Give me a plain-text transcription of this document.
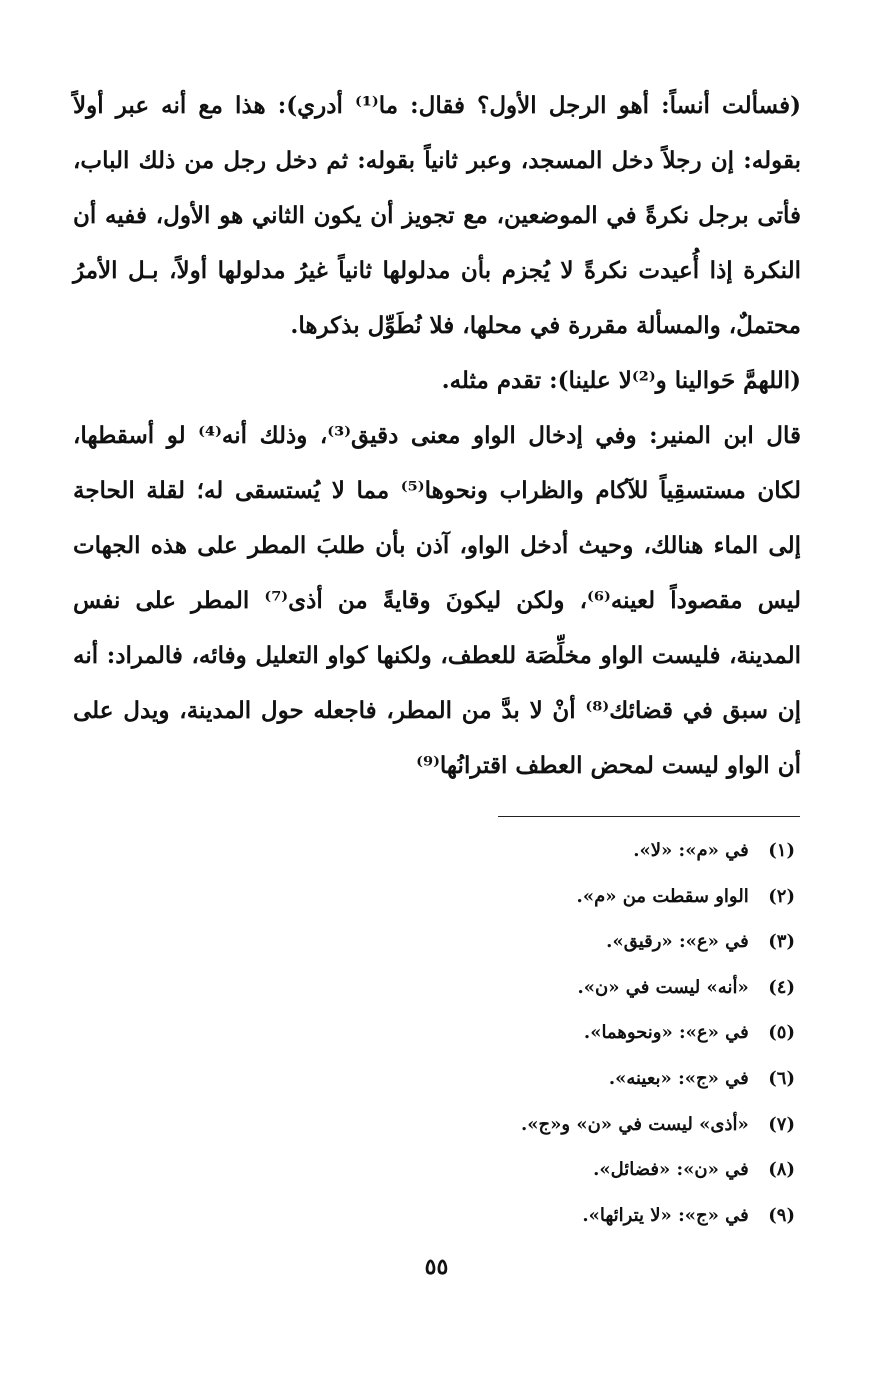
(فسألت أنساً: أهو الرجل الأول؟ فقال: ما⁽¹⁾ أدري): هذا مع أنه عبر أولاً بقوله: إن رجلاً دخل المسجد، وعبر ثانياً بقوله: ثم دخل رجل من ذلك الباب، فأتى برجل نكرةً في الموضعين، مع تجويز أن يكون الثاني هو الأول، ففيه أن النكرة إذا أُعيدت نكرةً لا يُجزم بأن مدلولها ثانياً غيرُ مدلولها أولاً، بـل الأمرُ محتملٌ، والمسألة مقررة في محلها، فلا نُطَوِّل بذكرها.

(اللهمَّ حَوالينا و⁽²⁾لا علينا): تقدم مثله.

قال ابن المنير: وفي إدخال الواو معنى دقيق⁽³⁾، وذلك أنه⁽⁴⁾ لو أسقطها، لكان مستسقِياً للآكام والظراب ونحوها⁽⁵⁾ مما لا يُستسقى له؛ لقلة الحاجة إلى الماء هنالك، وحيث أدخل الواو، آذن بأن طلبَ المطر على هذه الجهات ليس مقصوداً لعينه⁽⁶⁾، ولكن ليكونَ وقايةً من أذى⁽⁷⁾ المطر على نفس المدينة، فليست الواو مخلِّصَة للعطف، ولكنها كواو التعليل وفائه، فالمراد: أنه إن سبق في قضائك⁽⁸⁾ أنْ لا بدَّ من المطر، فاجعله حول المدينة، ويدل على أن الواو ليست لمحض العطف اقترانُها⁽⁹⁾

(١) في «م»: «لا».
(٢) الواو سقطت من «م».
(٣) في «ع»: «رقيق».
(٤) «أنه» ليست في «ن».
(٥) في «ع»: «ونحوهما».
(٦) في «ج»: «بعينه».
(٧) «أذى» ليست في «ن» و«ج».
(٨) في «ن»: «فضائل».
(٩) في «ج»: «لا يترائها».
٥٥
